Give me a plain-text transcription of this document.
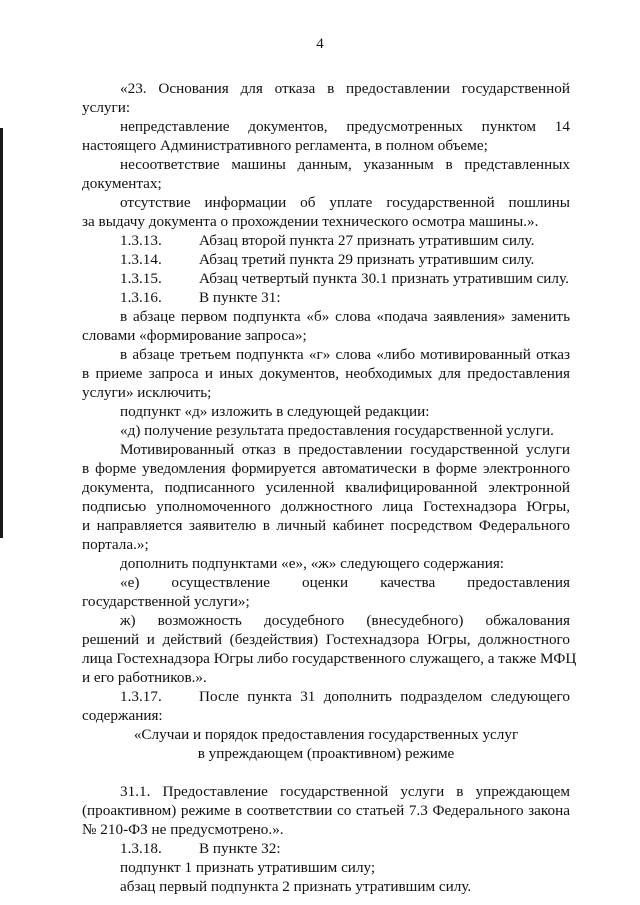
4
«23. Основания для отказа в предоставлении государственной
услуги:
непредставление документов, предусмотренных пунктом 14
настоящего Административного регламента, в полном объеме;
несоответствие машины данным, указанным в представленных
документах;
отсутствие информации об уплате государственной пошлины
за выдачу документа о прохождении технического осмотра машины.».
1.3.13. Абзац второй пункта 27 признать утратившим силу.
1.3.14. Абзац третий пункта 29 признать утратившим силу.
1.3.15. Абзац четвертый пункта 30.1 признать утратившим силу.
1.3.16. В пункте 31:
в абзаце первом подпункта «б» слова «подача заявления» заменить
словами «формирование запроса»;
в абзаце третьем подпункта «г» слова «либо мотивированный отказ
в приеме запроса и иных документов, необходимых для предоставления
услуги» исключить;
подпункт «д» изложить в следующей редакции:
«д) получение результата предоставления государственной услуги.
Мотивированный отказ в предоставлении государственной услуги
в форме уведомления формируется автоматически в форме электронного
документа, подписанного усиленной квалифицированной электронной
подписью уполномоченного должностного лица Гостехнадзора Югры,
и направляется заявителю в личный кабинет посредством Федерального
портала.»;
дополнить подпунктами «е», «ж» следующего содержания:
«е) осуществление оценки качества предоставления
государственной услуги»;
ж) возможность досудебного (внесудебного) обжалования
решений и действий (бездействия) Гостехнадзора Югры, должностного
лица Гостехнадзора Югры либо государственного служащего, а также МФЦ
и его работников.».
1.3.17. После пункта 31 дополнить подразделом следующего
содержания:
«Случаи и порядок предоставления государственных услуг
в упреждающем (проактивном) режиме
31.1. Предоставление государственной услуги в упреждающем
(проактивном) режиме в соответствии со статьей 7.3 Федерального закона
№ 210-ФЗ не предусмотрено.».
1.3.18. В пункте 32:
подпункт 1 признать утратившим силу;
абзац первый подпункта 2 признать утратившим силу.
